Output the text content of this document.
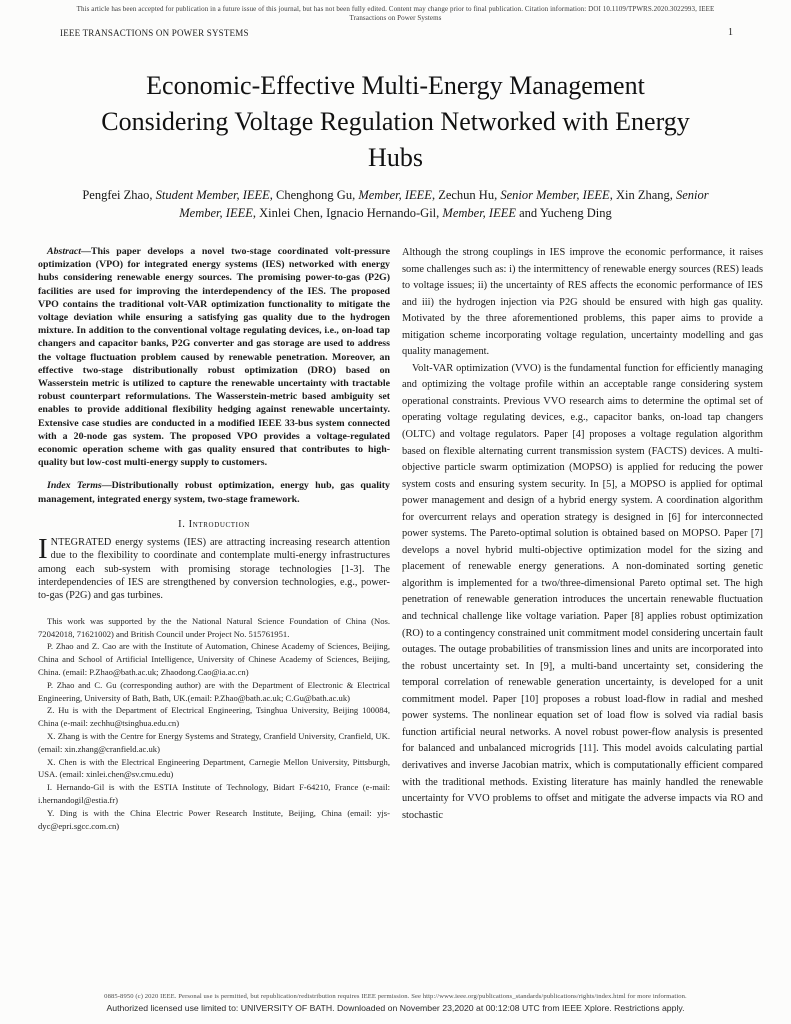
This article has been accepted for publication in a future issue of this journal, but has not been fully edited. Content may change prior to final publication. Citation information: DOI 10.1109/TPWRS.2020.3022993, IEEE
Transactions on Power Systems
IEEE TRANSACTIONS ON POWER SYSTEMS	1
Economic-Effective Multi-Energy Management Considering Voltage Regulation Networked with Energy Hubs
Pengfei Zhao, Student Member, IEEE, Chenghong Gu, Member, IEEE, Zechun Hu, Senior Member, IEEE, Xin Zhang, Senior Member, IEEE, Xinlei Chen, Ignacio Hernando-Gil, Member, IEEE and Yucheng Ding

Abstract—This paper develops a novel two-stage coordinated volt-pressure optimization (VPO) for integrated energy systems (IES) networked with energy hubs considering renewable energy sources. The promising power-to-gas (P2G) facilities are used for improving the interdependency of the IES. The proposed VPO contains the traditional volt-VAR optimization functionality to mitigate the voltage deviation while ensuring a satisfying gas quality due to the hydrogen mixture. In addition to the conventional voltage regulating devices, i.e., on-load tap changers and capacitor banks, P2G converter and gas storage are used to address the voltage fluctuation problem caused by renewable penetration. Moreover, an effective two-stage distributionally robust optimization (DRO) based on Wasserstein metric is utilized to capture the renewable uncertainty with tractable robust counterpart reformulations. The Wasserstein-metric based ambiguity set enables to provide additional flexibility hedging against renewable uncertainty. Extensive case studies are conducted in a modified IEEE 33-bus system connected with a 20-node gas system. The proposed VPO provides a voltage-regulated economic operation scheme with gas quality ensured that contributes to high-quality but low-cost multi-energy supply to customers.

Index Terms—Distributionally robust optimization, energy hub, gas quality management, integrated energy system, two-stage framework.

I. Introduction

INTEGRATED energy systems (IES) are attracting increasing research attention due to the flexibility to coordinate and contemplate multi-energy infrastructures among each sub-system with promising storage technologies [1-3]. The interdependencies of IES are strengthened by conversion technologies, e.g., power-to-gas (P2G) and gas turbines.

This work was supported by the the National Natural Science Foundation of China (Nos. 72042018, 71621002) and British Council under Project No. 515761951.

P. Zhao and Z. Cao are with the Institute of Automation, Chinese Academy of Sciences, Beijing, China and School of Artificial Intelligence, University of Chinese Academy of Sciences, Beijing, China. (email: P.Zhao@bath.ac.uk; Zhaodong.Cao@ia.ac.cn)

P. Zhao and C. Gu (corresponding author) are with the Department of Electronic & Electrical Engineering, University of Bath, Bath, UK.(email: P.Zhao@bath.ac.uk; C.Gu@bath.ac.uk)

Z. Hu is with the Department of Electrical Engineering, Tsinghua University, Beijing 100084, China (e-mail: zechhu@tsinghua.edu.cn)

X. Zhang is with the Centre for Energy Systems and Strategy, Cranfield University, Cranfield, UK. (email: xin.zhang@cranfield.ac.uk)

X. Chen is with the Electrical Engineering Department, Carnegie Mellon University, Pittsburgh, USA. (email: xinlei.chen@sv.cmu.edu)

I. Hernando-Gil is with the ESTIA Institute of Technology, Bidart F-64210, France (e-mail: i.hernandogil@estia.fr)

Y. Ding is with the China Electric Power Research Institute, Beijing, China (email: yjs-dyc@epri.sgcc.com.cn)

Although the strong couplings in IES improve the economic performance, it raises some challenges such as: i) the intermittency of renewable energy sources (RES) leads to voltage issues; ii) the uncertainty of RES affects the economic performance of IES and iii) the hydrogen injection via P2G should be ensured with high gas quality. Motivated by the three aforementioned problems, this paper aims to provide a mitigation scheme incorporating voltage regulation, uncertainty modelling and gas quality management.

Volt-VAR optimization (VVO) is the fundamental function for efficiently managing and optimizing the voltage profile within an acceptable range considering system operational constraints. Previous VVO research aims to determine the optimal set of operating voltage regulating devices, e.g., capacitor banks, on-load tap changers (OLTC) and voltage regulators. Paper [4] proposes a voltage regulation algorithm based on flexible alternating current transmission system (FACTS) devices. A multi-objective particle swarm optimization (MOPSO) is applied for reducing the power system costs and ensuring system security. In [5], a MOPSO is applied for optimal power management and design of a hybrid energy system. A coordination algorithm for overcurrent relays and operation strategy is designed in [6] for interconnected power systems. The Pareto-optimal solution is obtained based on MOPSO. Paper [7] develops a novel hybrid multi-objective optimization model for the sizing and placement of renewable energy generations. A non-dominated sorting genetic algorithm is implemented for a two/three-dimensional Pareto optimal set. The high penetration of renewable generation introduces the uncertain renewable fluctuation and technical challenge like voltage variation. Paper [8] applies robust optimization (RO) to a contingency constrained unit commitment model considering uncertain fault outages. The outage probabilities of transmission lines and units are incorporated into the robust uncertainty set. In [9], a multi-band uncertainty set, considering the temporal correlation of renewable generation uncertainty, is developed for a unit commitment model. Paper [10] proposes a robust load-flow in radial and meshed power systems. The nonlinear equation set of load flow is solved via radial basis function artificial neural networks. A novel robust power-flow analysis is presented for balanced and unbalanced microgrids [11]. This model avoids calculating partial derivatives and inverse Jacobian matrix, which is computationally efficient compared with the traditional methods. Existing literature has mainly handled the renewable uncertainty for VVO problems to offset and mitigate the adverse impacts via RO and stochastic

0885-8950 (c) 2020 IEEE. Personal use is permitted, but republication/redistribution requires IEEE permission. See http://www.ieee.org/publications_standards/publications/rights/index.html for more information.
Authorized licensed use limited to: UNIVERSITY OF BATH. Downloaded on November 23,2020 at 00:12:08 UTC from IEEE Xplore. Restrictions apply.
